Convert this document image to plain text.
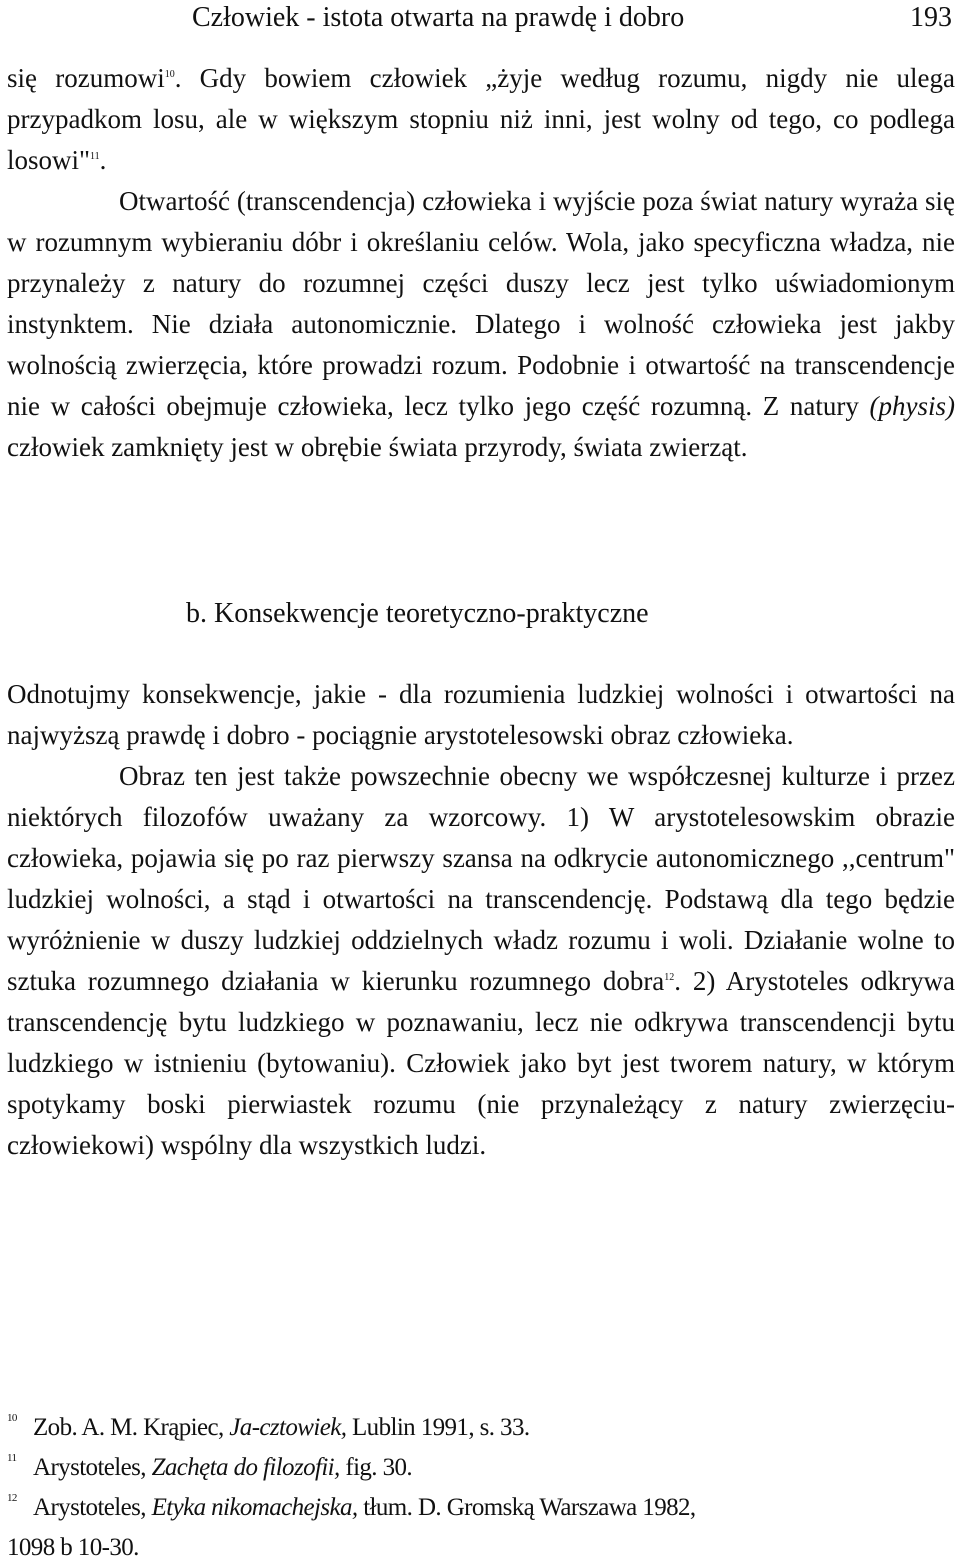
Człowiek - istota otwarta na prawdę i dobro	193

się rozumowi$^{10}$. Gdy bowiem człowiek „żyje według rozumu, nigdy nie ulega przypadkom losu, ale w większym stopniu niż inni, jest wolny od tego, co podlega losowi"$^{11}$.

Otwartość (transcendencja) człowieka i wyjście poza świat natury wyraża się w rozumnym wybieraniu dóbr i określaniu celów. Wola, jako specyficzna władza, nie przynależy z natury do rozumnej części duszy lecz jest tylko uświadomionym instynktem. Nie działa autonomicznie. Dlatego i wolność człowieka jest jakby wolnością zwierzęcia, które prowadzi rozum. Podobnie i otwartość na transcendencje nie w całości obejmuje człowieka, lecz tylko jego część rozumną. Z natury (physis) człowiek zamknięty jest w obrębie świata przyrody, świata zwierząt.

b. Konsekwencje teoretyczno-praktyczne

Odnotujmy konsekwencje, jakie - dla rozumienia ludzkiej wolności i otwartości na najwyższą prawdę i dobro - pociągnie arystotelesowski obraz człowieka.

Obraz ten jest także powszechnie obecny we współczesnej kulturze i przez niektórych filozofów uważany za wzorcowy. 1) W arystotelesowskim obrazie człowieka, pojawia się po raz pierwszy szansa na odkrycie autonomicznego ,,centrum" ludzkiej wolności, a stąd i otwartości na transcendencję. Podstawą dla tego będzie wyróżnienie w duszy ludzkiej oddzielnych władz rozumu i woli. Działanie wolne to sztuka rozumnego działania w kierunku rozumnego dobra$^{12}$. 2) Arystoteles odkrywa transcendencję bytu ludzkiego w poznawaniu, lecz nie odkrywa transcendencji bytu ludzkiego w istnieniu (bytowaniu). Człowiek jako byt jest tworem natury, w którym spotykamy boski pierwiastek rozumu (nie przynależący z natury zwierzęciu-człowiekowi) wspólny dla wszystkich ludzi.

10 Zob. A. M. Krąpiec, Ja-cztowiek, Lublin 1991, s. 33.

11 Arystoteles, Zachęta do filozofii, fig. 30.

12 Arystoteles, Etyka nikomachejska, tłum. D. Gromską Warszawa 1982,
1098 b 10-30.
